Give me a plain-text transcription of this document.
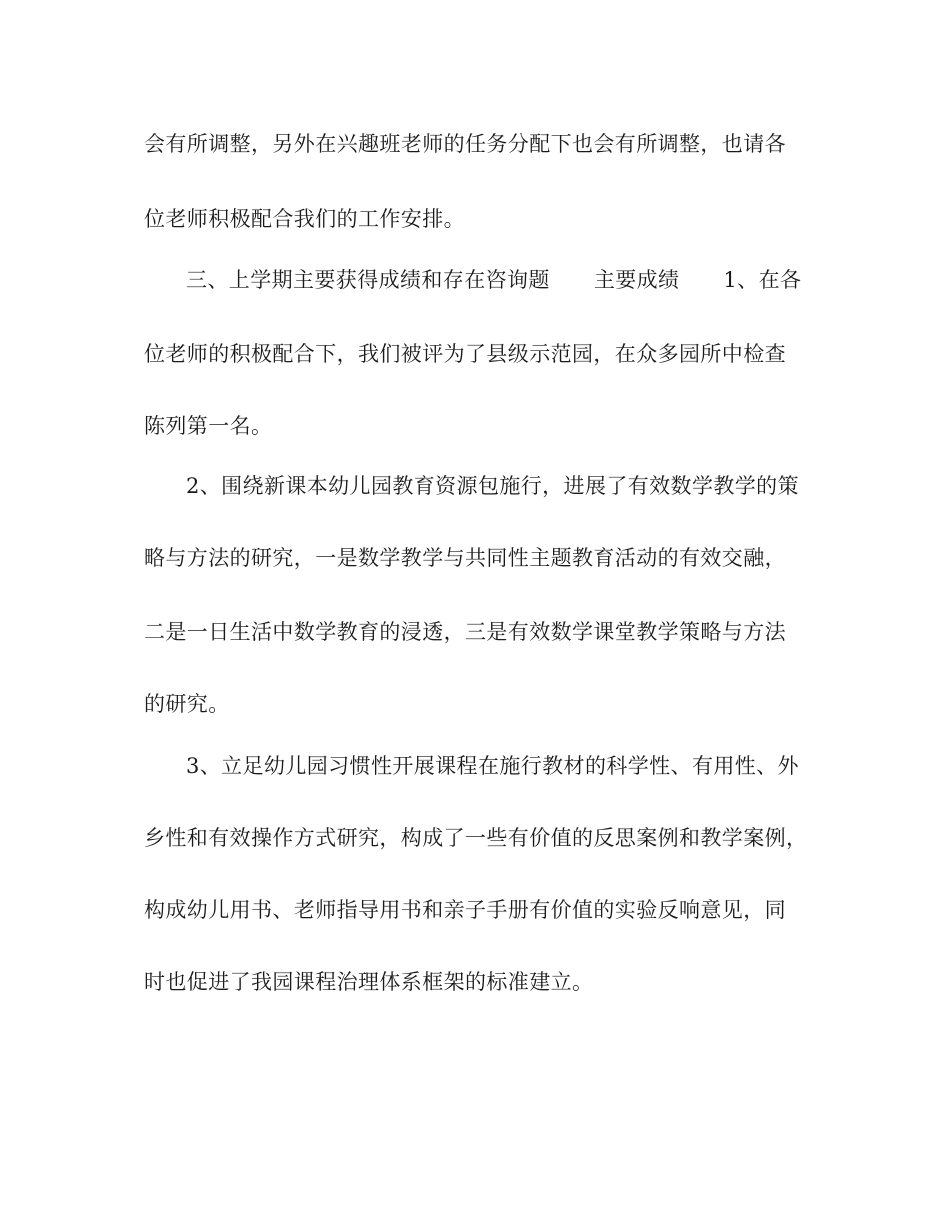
会有所调整，另外在兴趣班老师的任务分配下也会有所调整，也请各
位老师积极配合我们的工作安排。
三、上学期主要获得成绩和存在咨询题 主要成绩 1、在各
位老师的积极配合下，我们被评为了县级示范园，在众多园所中检查
陈列第一名。
2、围绕新课本幼儿园教育资源包施行，进展了有效数学教学的策
略与方法的研究，一是数学教学与共同性主题教育活动的有效交融，
二是一日生活中数学教育的浸透，三是有效数学课堂教学策略与方法
的研究。
3、立足幼儿园习惯性开展课程在施行教材的科学性、有用性、外
乡性和有效操作方式研究，构成了一些有价值的反思案例和教学案例，
构成幼儿用书、老师指导用书和亲子手册有价值的实验反响意见，同
时也促进了我园课程治理体系框架的标准建立。
